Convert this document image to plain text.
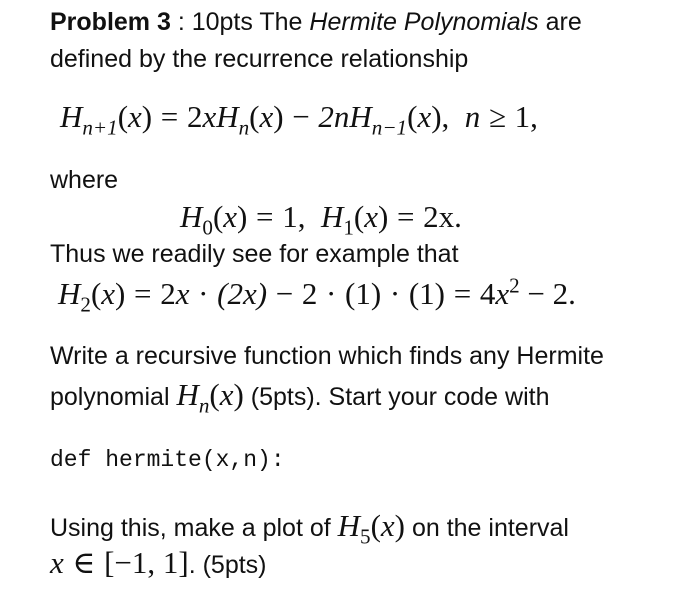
Problem 3 : 10pts The Hermite Polynomials are
defined by the recurrence relationship
$H_{n+1}(x) = 2xH_n(x) - 2nH_{n-1}(x)$,  n ≥ 1,
where
$H_0(x) = 1$, $H_1(x) = 2x$.
Thus we readily see for example that
$H_2(x) = 2x \cdot (2x) - 2 \cdot (1) \cdot (1) = 4x^2 - 2$.
Write a recursive function which finds any Hermite
polynomial $H_n(x)$ (5pts). Start your code with
def hermite(x,n):
Using this, make a plot of $H_5(x)$ on the interval
x ∈ [−1, 1]. (5pts)
